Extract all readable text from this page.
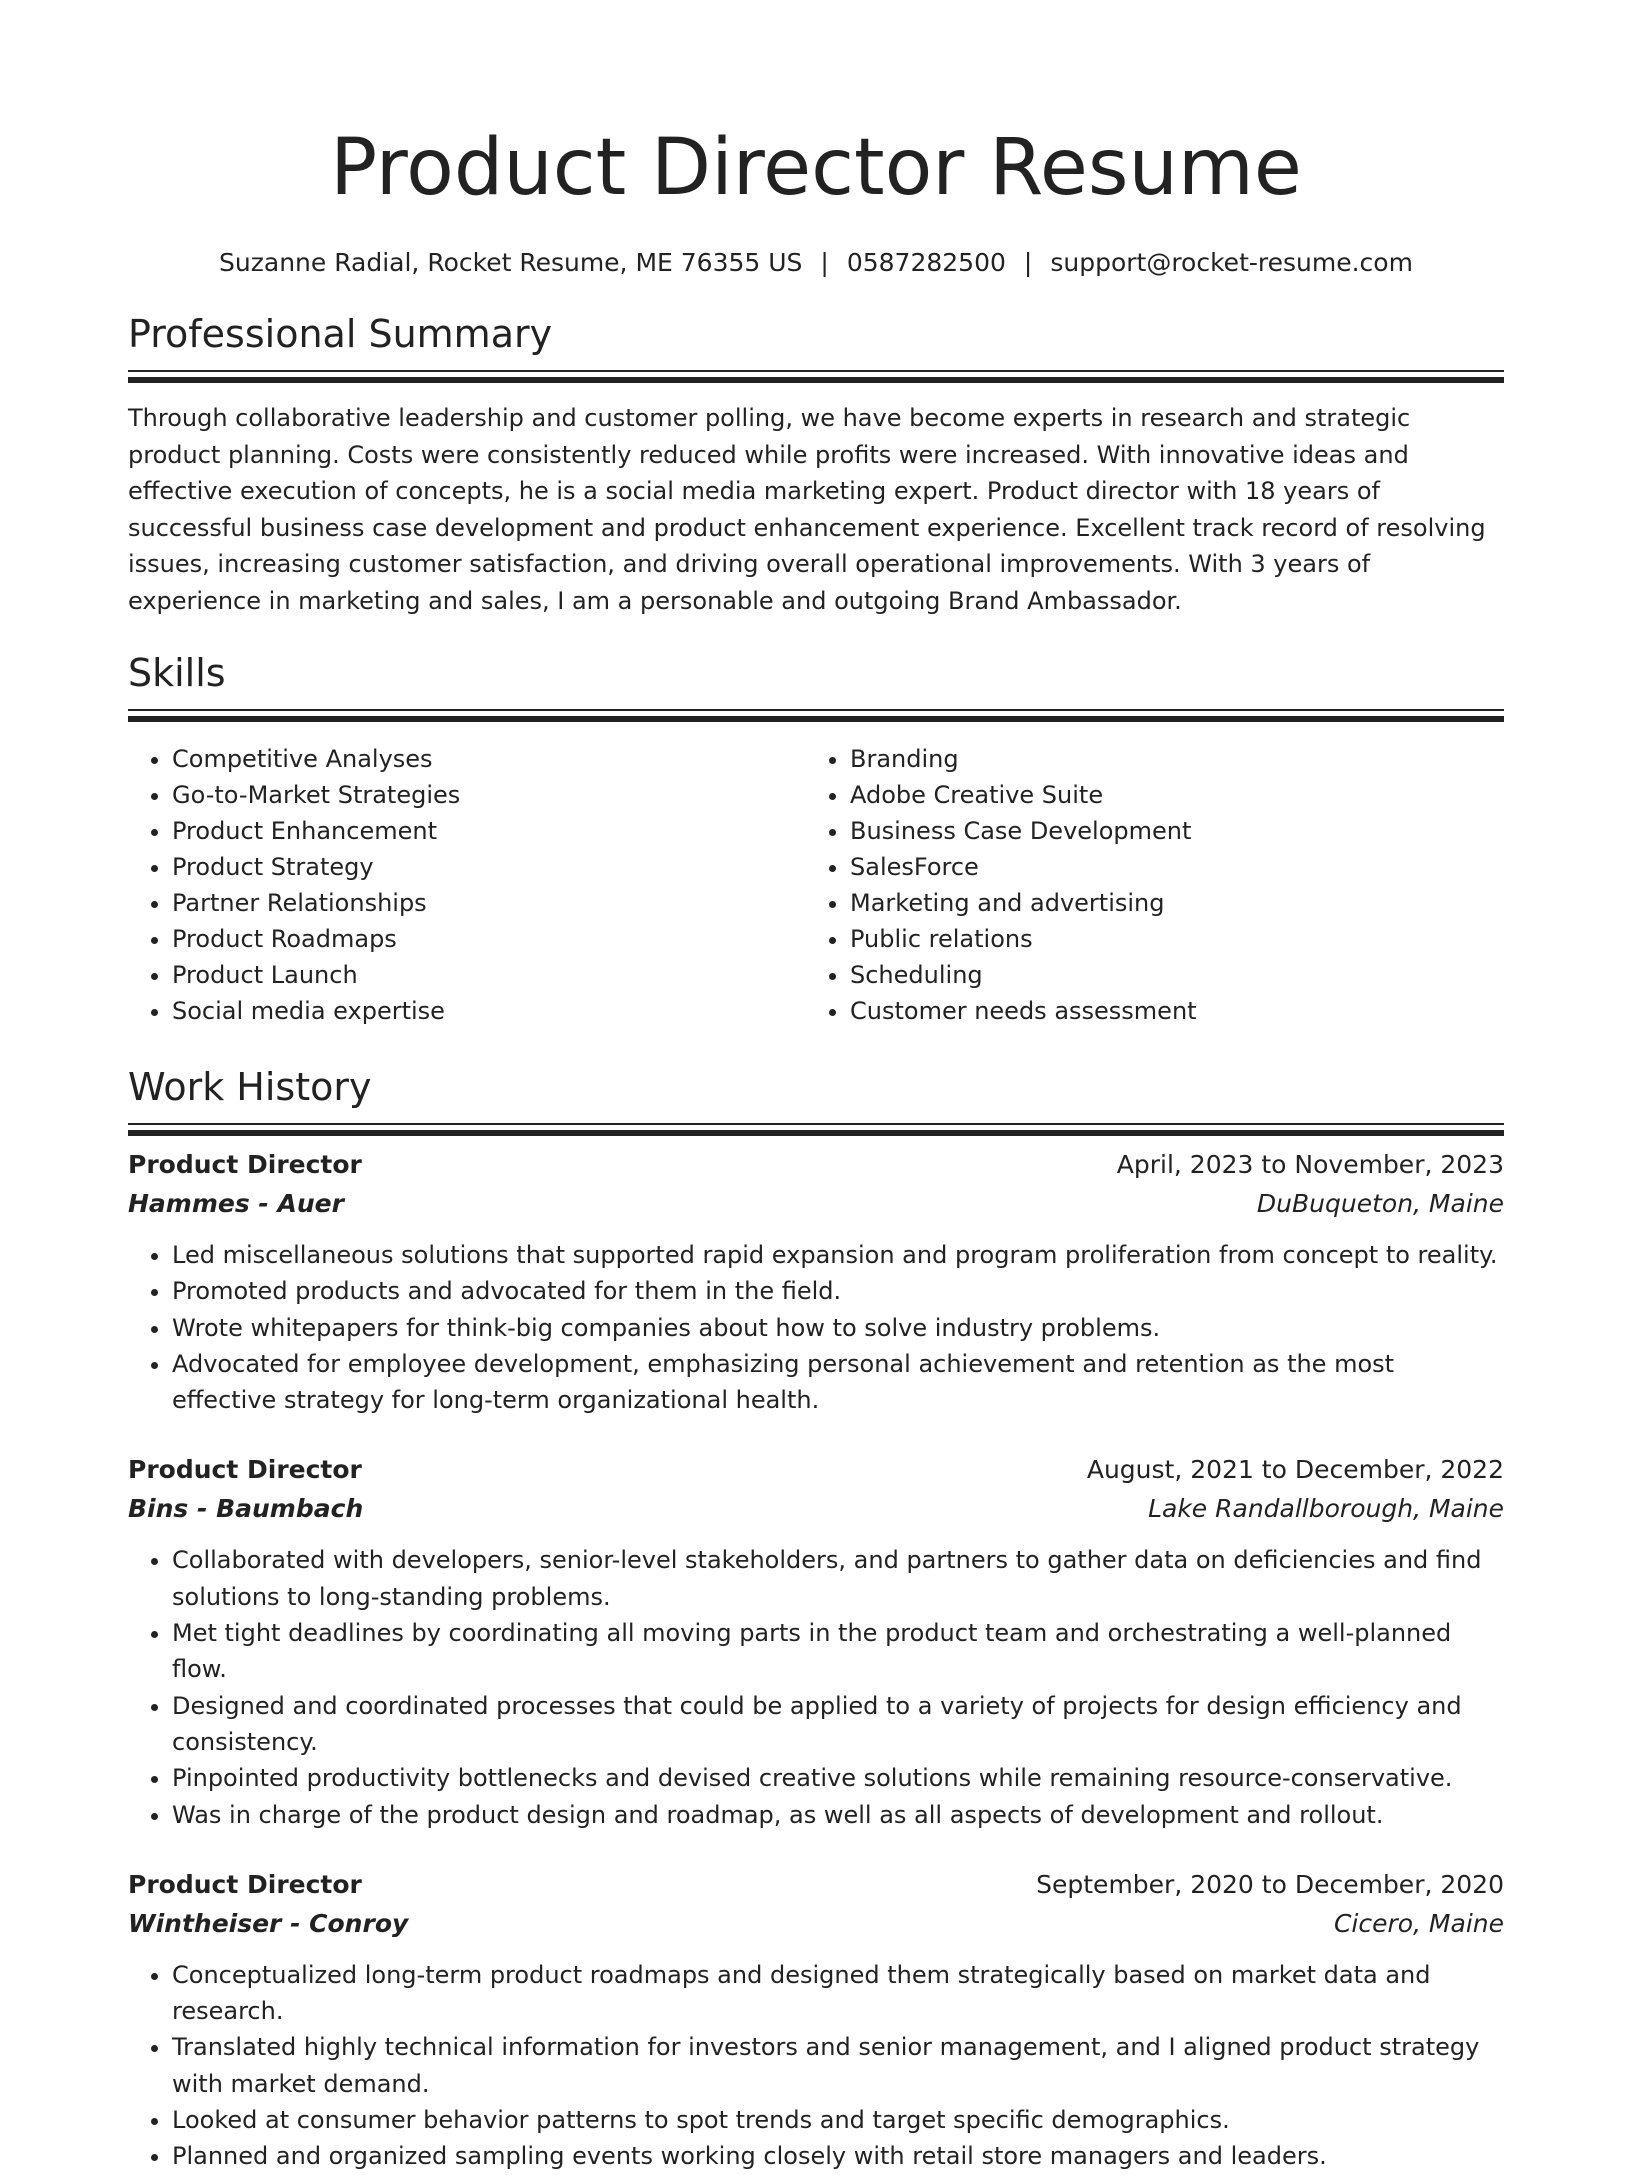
Product Director Resume
Suzanne Radial, Rocket Resume, ME 76355 US | 0587282500 | support@rocket-resume.com
Professional Summary

Through collaborative leadership and customer polling, we have become experts in research and strategic product planning. Costs were consistently reduced while profits were increased. With innovative ideas and effective execution of concepts, he is a social media marketing expert. Product director with 18 years of successful business case development and product enhancement experience. Excellent track record of resolving issues, increasing customer satisfaction, and driving overall operational improvements. With 3 years of experience in marketing and sales, I am a personable and outgoing Brand Ambassador.

Skills
• Competitive Analyses
• Go-to-Market Strategies
• Product Enhancement
• Product Strategy
• Partner Relationships
• Product Roadmaps
• Product Launch
• Social media expertise
• Branding
• Adobe Creative Suite
• Business Case Development
• SalesForce
• Marketing and advertising
• Public relations
• Scheduling
• Customer needs assessment
Work History
Product Director	April, 2023 to November, 2023
Hammes - Auer	DuBuqueton, Maine
• Led miscellaneous solutions that supported rapid expansion and program proliferation from concept to reality.
• Promoted products and advocated for them in the field.
• Wrote whitepapers for think-big companies about how to solve industry problems.
• Advocated for employee development, emphasizing personal achievement and retention as the most effective strategy for long-term organizational health.
Product Director	August, 2021 to December, 2022
Bins - Baumbach	Lake Randallborough, Maine
• Collaborated with developers, senior-level stakeholders, and partners to gather data on deficiencies and find solutions to long-standing problems.
• Met tight deadlines by coordinating all moving parts in the product team and orchestrating a well-planned flow.
• Designed and coordinated processes that could be applied to a variety of projects for design efficiency and consistency.
• Pinpointed productivity bottlenecks and devised creative solutions while remaining resource-conservative.
• Was in charge of the product design and roadmap, as well as all aspects of development and rollout.
Product Director	September, 2020 to December, 2020
Wintheiser - Conroy	Cicero, Maine
• Conceptualized long-term product roadmaps and designed them strategically based on market data and research.
• Translated highly technical information for investors and senior management, and I aligned product strategy with market demand.
• Looked at consumer behavior patterns to spot trends and target specific demographics.
• Planned and organized sampling events working closely with retail store managers and leaders.
